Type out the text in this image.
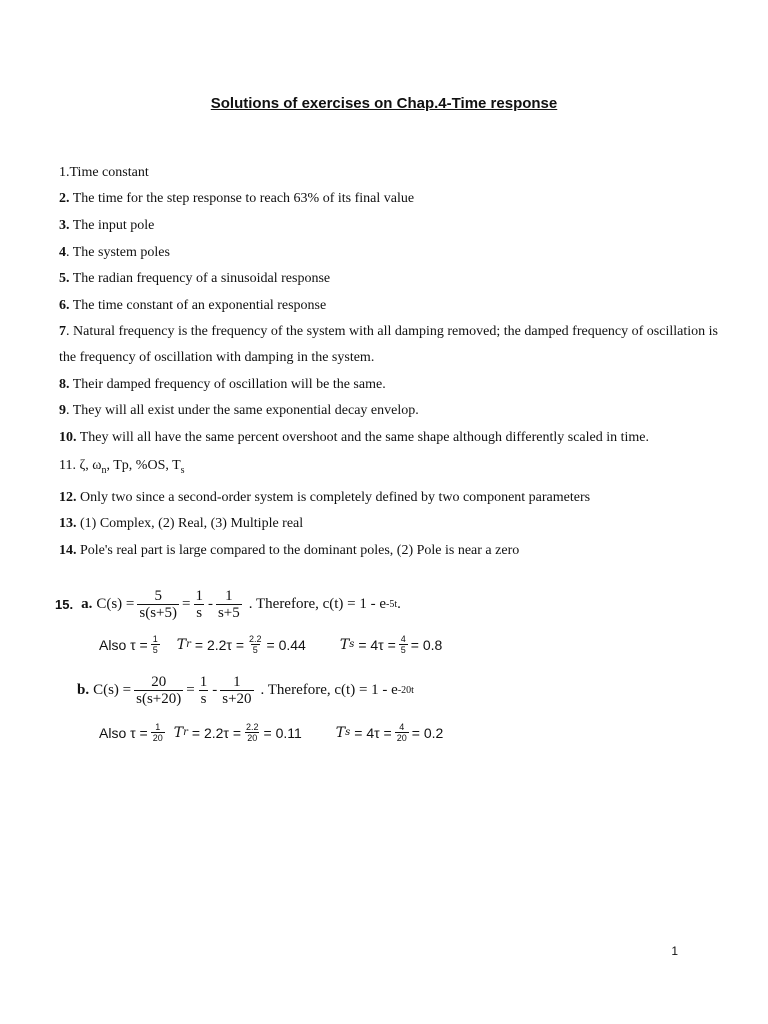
Solutions of exercises on Chap.4-Time response
1.Time constant
2. The time for the step response to reach 63% of its final value
3. The input pole
4. The system poles
5. The radian frequency of a sinusoidal response
6. The time constant of an exponential response
7. Natural frequency is the frequency of the system with all damping removed; the damped frequency of oscillation is the frequency of oscillation with damping in the system.
8. Their damped frequency of oscillation will be the same.
9. They will all exist under the same exponential decay envelop.
10. They will all have the same percent overshoot and the same shape although differently scaled in time.
11. ζ, $\omega_n$, Tp, %OS, $T_s$
12. Only two since a second-order system is completely defined by two component parameters
13. (1) Complex, (2) Real, (3) Multiple real
14. Pole's real part is large compared to the dominant poles, (2) Pole is near a zero
15. a. $C(s) = \frac{5}{s(s+5)} = \frac{1}{s} - \frac{1}{s+5}$ . Therefore, c(t) = 1 - e -5t .
Also $\tau = \frac{1}{5}$ T $r = 2.2\tau = \frac{2.2}{5} = 0.44$ T $s = 4\tau = \frac{4}{5} = 0.8$
b. $C(s) = \frac{20}{s(s+20)} = \frac{1}{s} - \frac{1}{s+20}$ . Therefore, c(t) = 1 - e -20t
Also $\tau = \frac{1}{20}$ T $r = 2.2\tau = \frac{2.2}{20} = 0.11$ T $s = 4\tau = \frac{4}{20} = 0.2$
1
